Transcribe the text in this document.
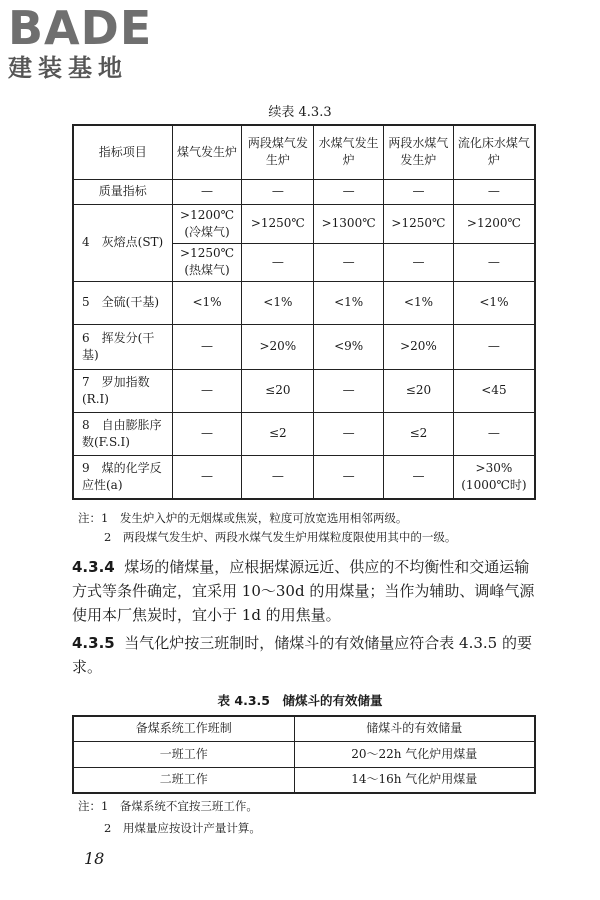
BADE
建装基地
续表 4.3.3
指标项目	煤气发生炉	两段煤气发生炉	水煤气发生炉	两段水煤气发生炉	流化床水煤气炉
质量指标	—	—	—	—	—
4　灰熔点(ST)	>1200℃(冷煤气)	>1250℃	>1300℃	>1250℃	>1200℃
	>1250℃(热煤气)	—	—	—	—
5　全硫(干基)	<1%	<1%	<1%	<1%	<1%
6　挥发分(干基)	—	>20%	<9%	>20%	—
7　罗加指数(R.I)	—	≤20	—	≤20	<45
8　自由膨胀序数(F.S.I)	—	≤2	—	≤2	—
9　煤的化学反应性(a)	—	—	—	—	>30%(1000℃时)
注：1　发生炉入炉的无烟煤或焦炭，粒度可放宽选用相邻两级。
2　两段煤气发生炉、两段水煤气发生炉用煤粒度限使用其中的一级。
4.3.4 煤场的储煤量，应根据煤源远近、供应的不均衡性和交通运输方式等条件确定，宜采用 10～30d 的用煤量；当作为辅助、调峰气源使用本厂焦炭时，宜小于 1d 的用焦量。
4.3.5 当气化炉按三班制时，储煤斗的有效储量应符合表 4.3.5 的要求。
表 4.3.5　储煤斗的有效储量
备煤系统工作班制	储煤斗的有效储量
一班工作	20～22h 气化炉用煤量
二班工作	14～16h 气化炉用煤量
注：1　备煤系统不宜按三班工作。
2　用煤量应按设计产量计算。
18
